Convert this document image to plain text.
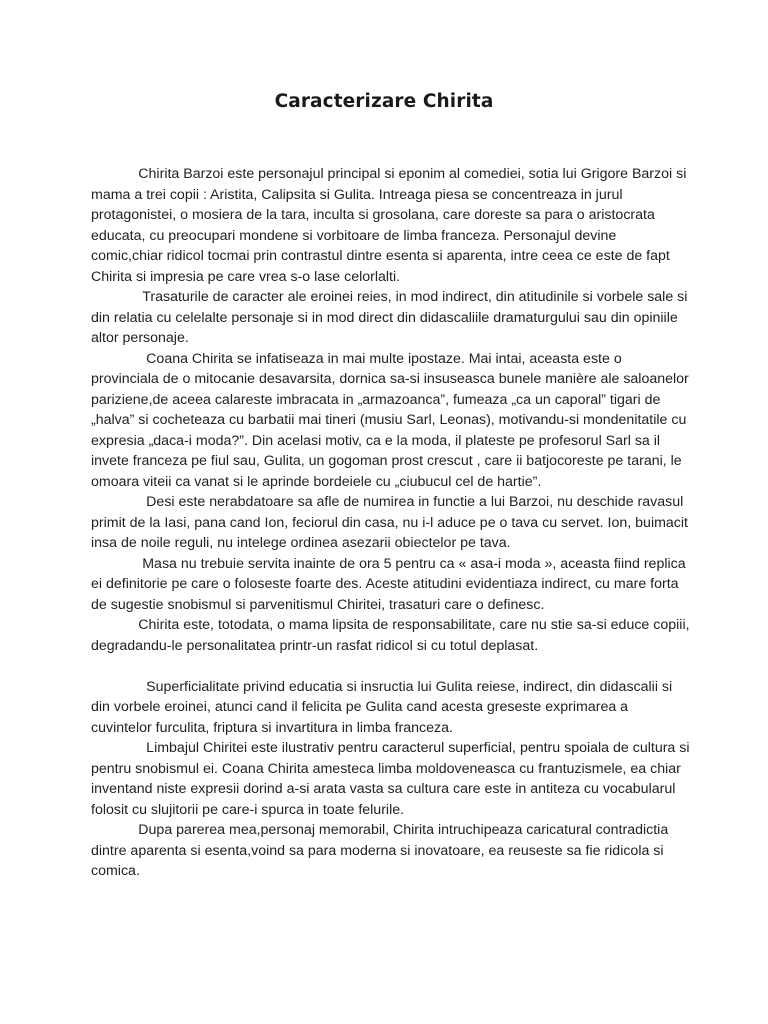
Caracterizare Chirita

Chirita Barzoi este personajul principal si eponim al comediei, sotia lui Grigore Barzoi si mama a trei copii : Aristita, Calipsita si Gulita. Intreaga piesa se concentreaza in jurul protagonistei, o mosiera de la tara, inculta si grosolana, care doreste sa para o aristocrata educata, cu preocupari mondene si vorbitoare de limba franceza. Personajul devine comic,chiar ridicol tocmai prin contrastul dintre esenta si aparenta, intre ceea ce este de fapt Chirita si impresia pe care vrea s-o lase celorlalti.

Trasaturile de caracter ale eroinei reies, in mod indirect, din atitudinile si vorbele sale si din relatia cu celelalte personaje si in mod direct din didascaliile dramaturgului sau din opiniile altor personaje.

Coana Chirita se infatiseaza in mai multe ipostaze. Mai intai, aceasta este o provinciala de o mitocanie desavarsita, dornica sa-si insuseasca bunele manière ale saloanelor pariziene,de aceea calareste imbracata in „armazoanca”, fumeaza „ca un caporal” tigari de „halva” si cocheteaza cu barbatii mai tineri (musiu Sarl, Leonas), motivandu-si mondenitatile cu expresia „daca-i moda?”. Din acelasi motiv, ca e la moda, il plateste pe profesorul Sarl sa il invete franceza pe fiul sau, Gulita, un gogoman prost crescut , care ii batjocoreste pe tarani, le omoara viteii ca vanat si le aprinde bordeiele cu „ciubucul cel de hartie”.

Desi este nerabdatoare sa afle de numirea in functie a lui Barzoi, nu deschide ravasul primit de la Iasi, pana cand Ion, feciorul din casa, nu i-l aduce pe o tava cu servet. Ion, buimacit insa de noile reguli, nu intelege ordinea asezarii obiectelor pe tava.

Masa nu trebuie servita inainte de ora 5 pentru ca « asa-i moda », aceasta fiind replica ei definitorie pe care o foloseste foarte des. Aceste atitudini evidentiaza indirect, cu mare forta de sugestie snobismul si parvenitismul Chiritei, trasaturi care o definesc.

Chirita este, totodata, o mama lipsita de responsabilitate, care nu stie sa-si educe copiii, degradandu-le personalitatea printr-un rasfat ridicol si cu totul deplasat.

Superficialitate privind educatia si insructia lui Gulita reiese, indirect, din didascalii si din vorbele eroinei, atunci cand il felicita pe Gulita cand acesta greseste exprimarea a cuvintelor furculita, friptura si invartitura in limba franceza.

Limbajul Chiritei este ilustrativ pentru caracterul superficial, pentru spoiala de cultura si pentru snobismul ei. Coana Chirita amesteca limba moldoveneasca cu frantuzismele, ea chiar inventand niste expresii dorind a-si arata vasta sa cultura care este in antiteza cu vocabularul folosit cu slujitorii pe care-i spurca in toate felurile.

Dupa parerea mea,personaj memorabil, Chirita intruchipeaza caricatural contradictia dintre aparenta si esenta,voind sa para moderna si inovatoare, ea reuseste sa fie ridicola si comica.
